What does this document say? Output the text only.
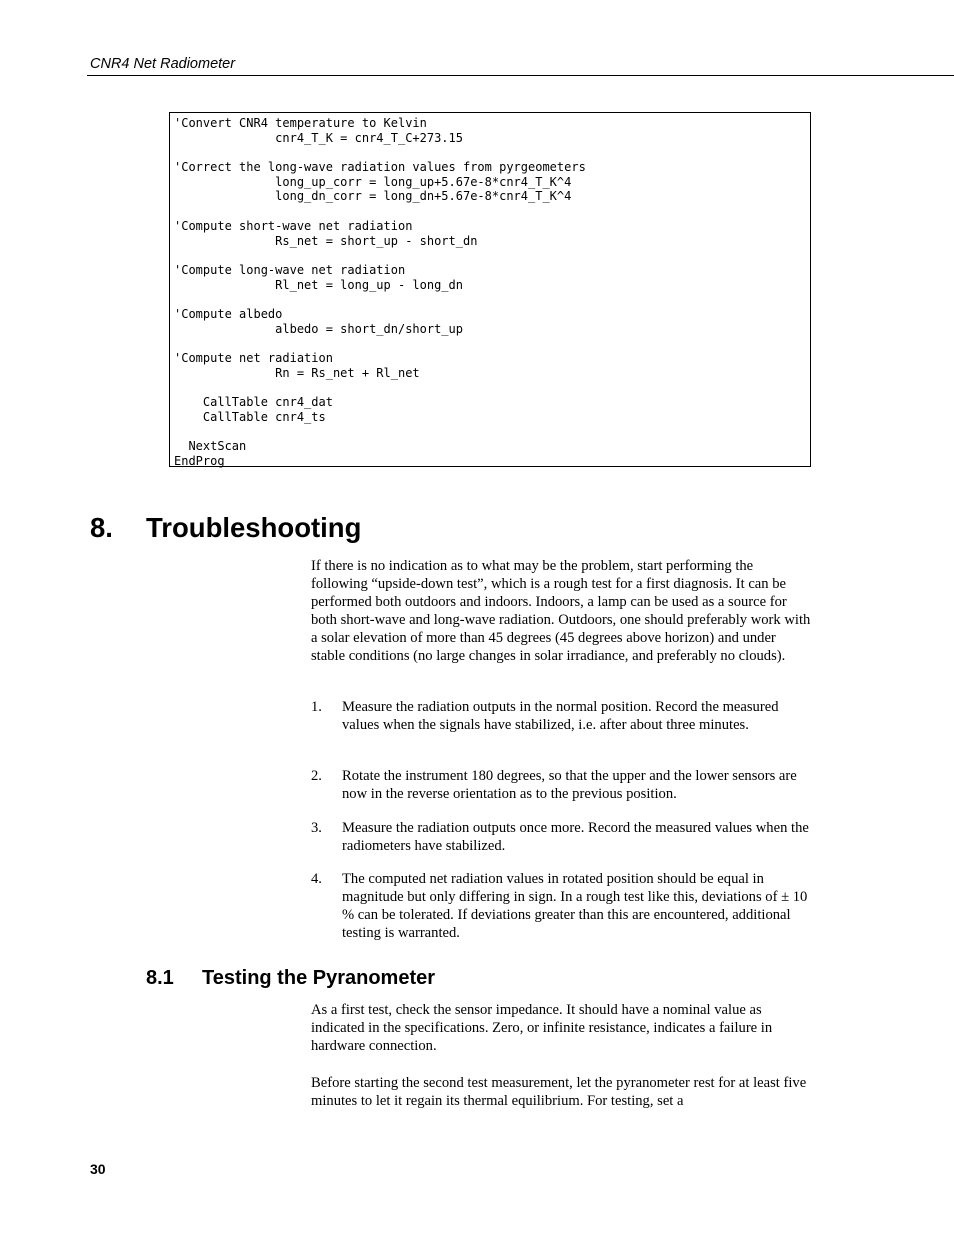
CNR4 Net Radiometer
'Convert CNR4 temperature to Kelvin
cnr4_T_K = cnr4_T_C+273.15
'Correct the long-wave radiation values from pyrgeometers
long_up_corr = long_up+5.67e-8*cnr4_T_K^4
long_dn_corr = long_dn+5.67e-8*cnr4_T_K^4
'Compute short-wave net radiation
Rs_net = short_up - short_dn
'Compute long-wave net radiation
Rl_net = long_up - long_dn
'Compute albedo
albedo = short_dn/short_up
'Compute net radiation
Rn = Rs_net + Rl_net
CallTable cnr4_dat
CallTable cnr4_ts
NextScan
EndProg
8. Troubleshooting

If there is no indication as to what may be the problem, start performing the following “upside-down test”, which is a rough test for a first diagnosis. It can be performed both outdoors and indoors. Indoors, a lamp can be used as a source for both short-wave and long-wave radiation. Outdoors, one should preferably work with a solar elevation of more than 45 degrees (45 degrees above horizon) and under stable conditions (no large changes in solar irradiance, and preferably no clouds).

1. Measure the radiation outputs in the normal position. Record the measured values when the signals have stabilized, i.e. after about three minutes.

2. Rotate the instrument 180 degrees, so that the upper and the lower sensors are now in the reverse orientation as to the previous position.

3. Measure the radiation outputs once more. Record the measured values when the radiometers have stabilized.

4. The computed net radiation values in rotated position should be equal in magnitude but only differing in sign. In a rough test like this, deviations of ± 10 % can be tolerated. If deviations greater than this are encountered, additional testing is warranted.

8.1 Testing the Pyranometer

As a first test, check the sensor impedance. It should have a nominal value as indicated in the specifications. Zero, or infinite resistance, indicates a failure in hardware connection.

Before starting the second test measurement, let the pyranometer rest for at least five minutes to let it regain its thermal equilibrium. For testing, set a

30
